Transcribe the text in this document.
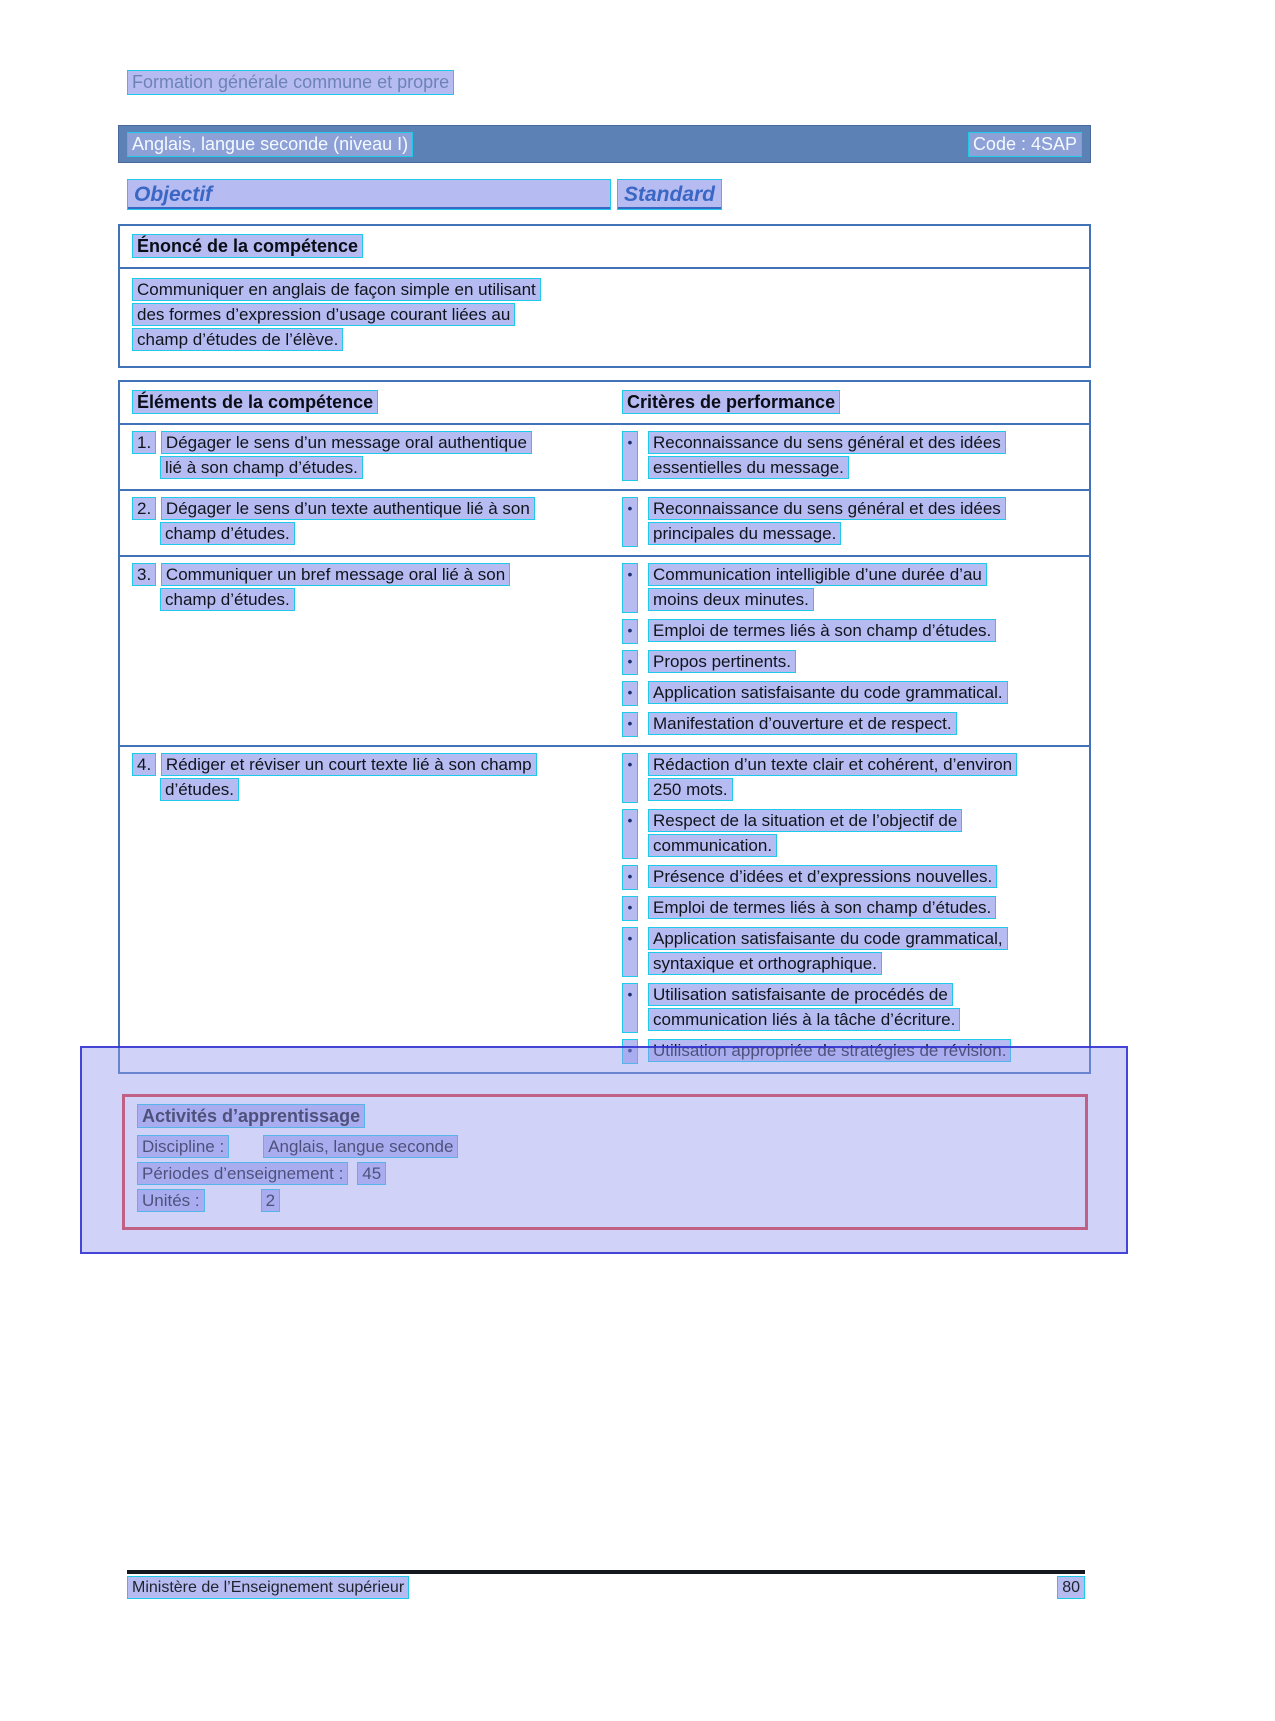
Formation générale commune et propre
Anglais, langue seconde (niveau I)	Code : 4SAP
Objectif	Standard
Énoncé de la compétence
Communiquer en anglais de façon simple en utilisant
des formes d’expression d’usage courant liées au
champ d’études de l’élève.
Éléments de la compétence	Critères de performance
1. Dégager le sens d’un message oral authentique
lié à son champ d’études.
•	Reconnaissance du sens général et des idées
essentielles du message.
2. Dégager le sens d’un texte authentique lié à son
champ d’études.
•	Reconnaissance du sens général et des idées
principales du message.
3. Communiquer un bref message oral lié à son
champ d’études.
•	Communication intelligible d’une durée d’au
moins deux minutes.
•	Emploi de termes liés à son champ d’études.
•	Propos pertinents.
•	Application satisfaisante du code grammatical.
•	Manifestation d’ouverture et de respect.
4. Rédiger et réviser un court texte lié à son champ
d’études.
•	Rédaction d’un texte clair et cohérent, d’environ
250 mots.
•	Respect de la situation et de l’objectif de
communication.
•	Présence d’idées et d’expressions nouvelles.
•	Emploi de termes liés à son champ d’études.
•	Application satisfaisante du code grammatical,
syntaxique et orthographique.
•	Utilisation satisfaisante de procédés de
communication liés à la tâche d’écriture.
•	Utilisation appropriée de stratégies de révision.
Activités d’apprentissage
Discipline :	Anglais, langue seconde
Périodes d’enseignement : 45
Unités :	2
Ministère de l’Enseignement supérieur	80
